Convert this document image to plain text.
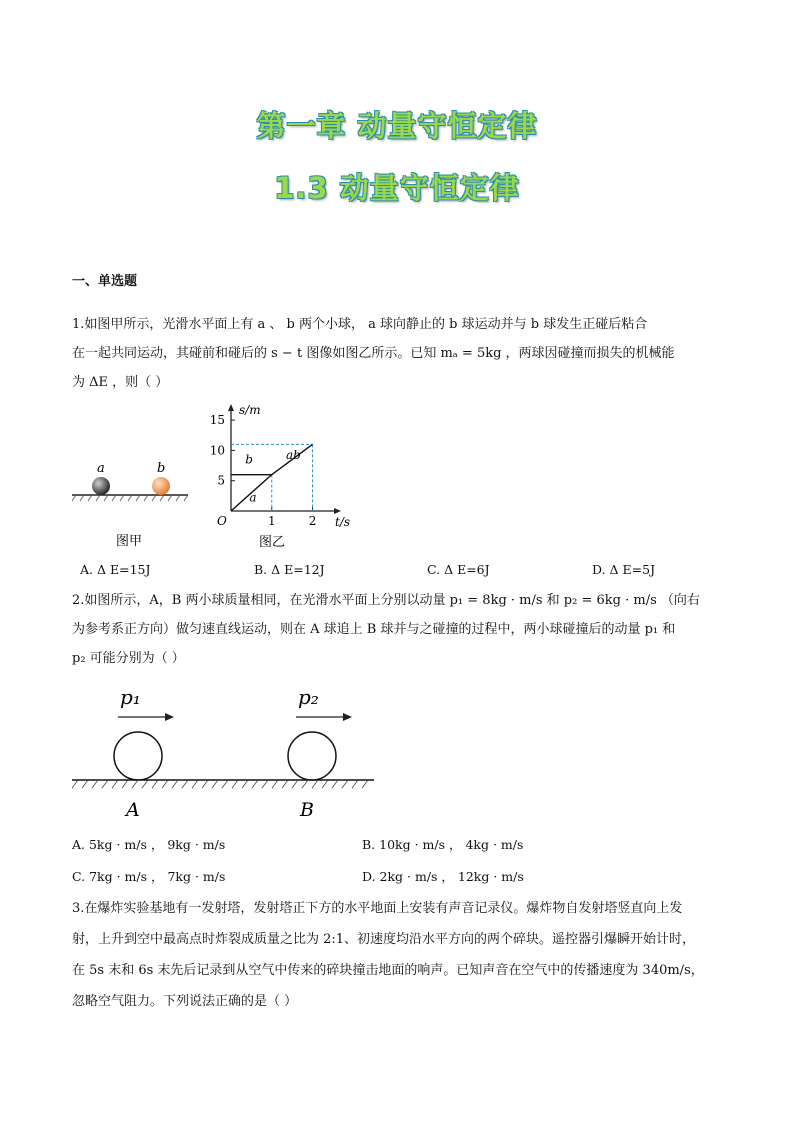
第一章 动量守恒定律
1.3 动量守恒定律
一、单选题
1.如图甲所示，光滑水平面上有 a 、 b 两个小球， a 球向静止的 b 球运动并与 b 球发生正碰后粘合
在一起共同运动，其碰前和碰后的 s − t 图像如图乙所示。已知 mₐ = 5kg ，两球因碰撞而损失的机械能
为 ΔE ，则（ ）
a	b
图甲
s/m
t/s
O
图乙
5
10
15
1	2
a
b	ab
A. Δ E=15J	B. Δ E=12J	C. Δ E=6J	D. Δ E=5J
2.如图所示，A，B 两小球质量相同，在光滑水平面上分别以动量 p₁ = 8kg · m/s 和 p₂ = 6kg · m/s （向右
为参考系正方向）做匀速直线运动，则在 A 球追上 B 球并与之碰撞的过程中，两小球碰撞后的动量 p₁ 和
p₂ 可能分别为（ ）
p₁	p₂
A	B
A. 5kg · m/s ， 9kg · m/s	B. 10kg · m/s ， 4kg · m/s
C. 7kg · m/s ， 7kg · m/s	D. 2kg · m/s ， 12kg · m/s
3.在爆炸实验基地有一发射塔，发射塔正下方的水平地面上安装有声音记录仪。爆炸物自发射塔竖直向上发
射，上升到空中最高点时炸裂成质量之比为 2:1、初速度均沿水平方向的两个碎块。遥控器引爆瞬开始计时，
在 5s 末和 6s 末先后记录到从空气中传来的碎块撞击地面的响声。已知声音在空气中的传播速度为 340m/s，
忽略空气阻力。下列说法正确的是（ ）
